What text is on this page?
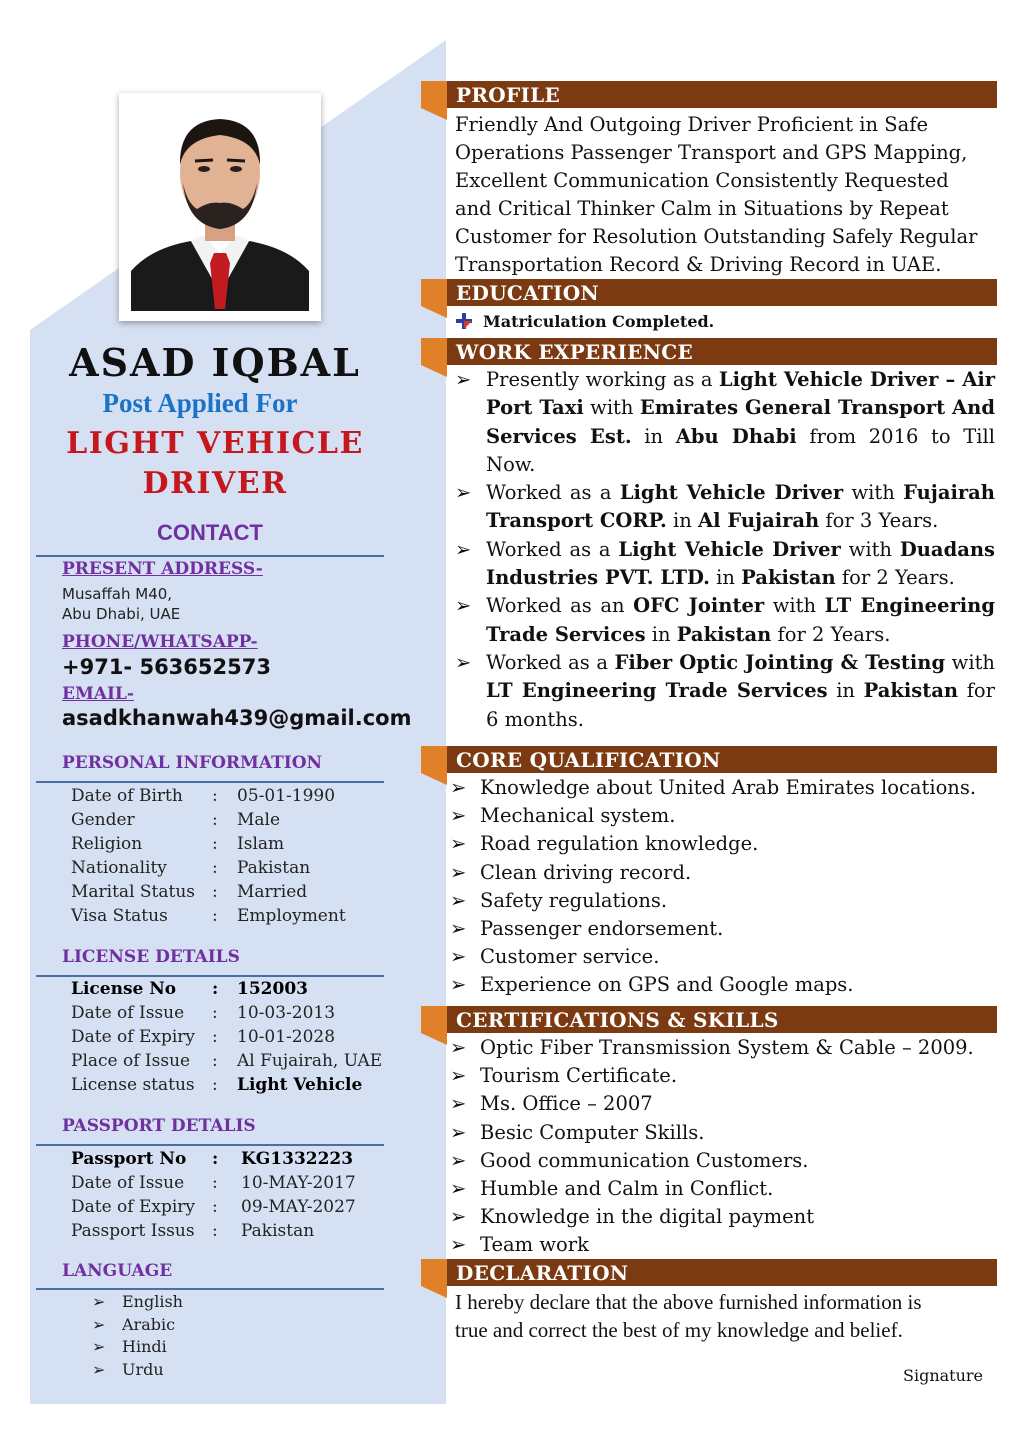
ASAD IQBAL
Post Applied For
LIGHT VEHICLE
DRIVER
CONTACT
PRESENT ADDRESS-
Musaffah M40,
Abu Dhabi, UAE
PHONE/WHATSAPP-
+971- 563652573
EMAIL-
asadkhanwah439@gmail.com
PERSONAL INFORMATION
Date of Birth	:	05-01-1990
Gender	:	Male
Religion	:	Islam
Nationality	:	Pakistan
Marital Status	:	Married
Visa Status	:	Employment
LICENSE DETAILS
License No	:	152003
Date of Issue	:	10-03-2013
Date of Expiry	:	10-01-2028
Place of Issue	:	Al Fujairah, UAE
License status	:	Light Vehicle
PASSPORT DETALIS
Passport No	:	KG1332223
Date of Issue	:	10-MAY-2017
Date of Expiry	:	09-MAY-2027
Passport Issus	:	Pakistan
LANGUAGE
➢ English
➢ Arabic
➢ Hindi
➢ Urdu
PROFILE
Friendly And Outgoing Driver Proficient in Safe
Operations Passenger Transport and GPS Mapping,
Excellent Communication Consistently Requested
and Critical Thinker Calm in Situations by Repeat
Customer for Resolution Outstanding Safely Regular
Transportation Record & Driving Record in UAE.
EDUCATION
Matriculation Completed.
WORK EXPERIENCE
➢ Presently working as a Light Vehicle Driver – Air Port Taxi with Emirates General Transport And Services Est. in Abu Dhabi from 2016 to Till Now.
➢ Worked as a Light Vehicle Driver with Fujairah Transport CORP. in Al Fujairah for 3 Years.
➢ Worked as a Light Vehicle Driver with Duadans Industries PVT. LTD. in Pakistan for 2 Years.
➢ Worked as an OFC Jointer with LT Engineering Trade Services in Pakistan for 2 Years.
➢ Worked as a Fiber Optic Jointing & Testing with LT Engineering Trade Services in Pakistan for 6 months.
CORE QUALIFICATION
➢ Knowledge about United Arab Emirates locations.
➢ Mechanical system.
➢ Road regulation knowledge.
➢ Clean driving record.
➢ Safety regulations.
➢ Passenger endorsement.
➢ Customer service.
➢ Experience on GPS and Google maps.
CERTIFICATIONS & SKILLS
➢ Optic Fiber Transmission System & Cable – 2009.
➢ Tourism Certificate.
➢ Ms. Office – 2007
➢ Besic Computer Skills.
➢ Good communication Customers.
➢ Humble and Calm in Conflict.
➢ Knowledge in the digital payment
➢ Team work
DECLARATION
I hereby declare that the above furnished information is
true and correct the best of my knowledge and belief.
Signature
